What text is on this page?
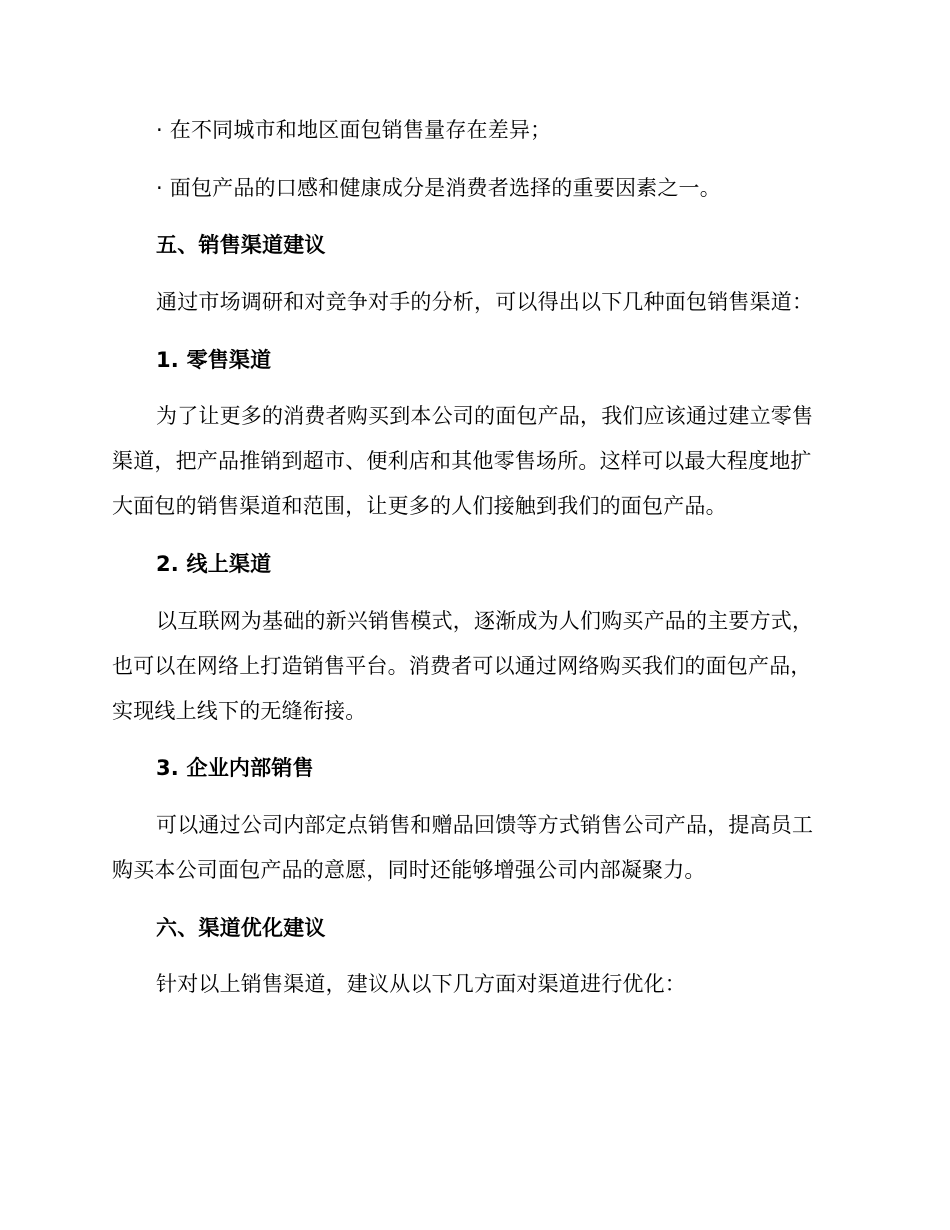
· 在不同城市和地区面包销售量存在差异；
· 面包产品的口感和健康成分是消费者选择的重要因素之一。
五、销售渠道建议
通过市场调研和对竞争对手的分析，可以得出以下几种面包销售渠道：
1. 零售渠道
为了让更多的消费者购买到本公司的面包产品，我们应该通过建立零售
渠道，把产品推销到超市、便利店和其他零售场所。这样可以最大程度地扩
大面包的销售渠道和范围，让更多的人们接触到我们的面包产品。
2. 线上渠道
以互联网为基础的新兴销售模式，逐渐成为人们购买产品的主要方式，
也可以在网络上打造销售平台。消费者可以通过网络购买我们的面包产品，
实现线上线下的无缝衔接。
3. 企业内部销售
可以通过公司内部定点销售和赠品回馈等方式销售公司产品，提高员工
购买本公司面包产品的意愿，同时还能够增强公司内部凝聚力。
六、渠道优化建议
针对以上销售渠道，建议从以下几方面对渠道进行优化：
